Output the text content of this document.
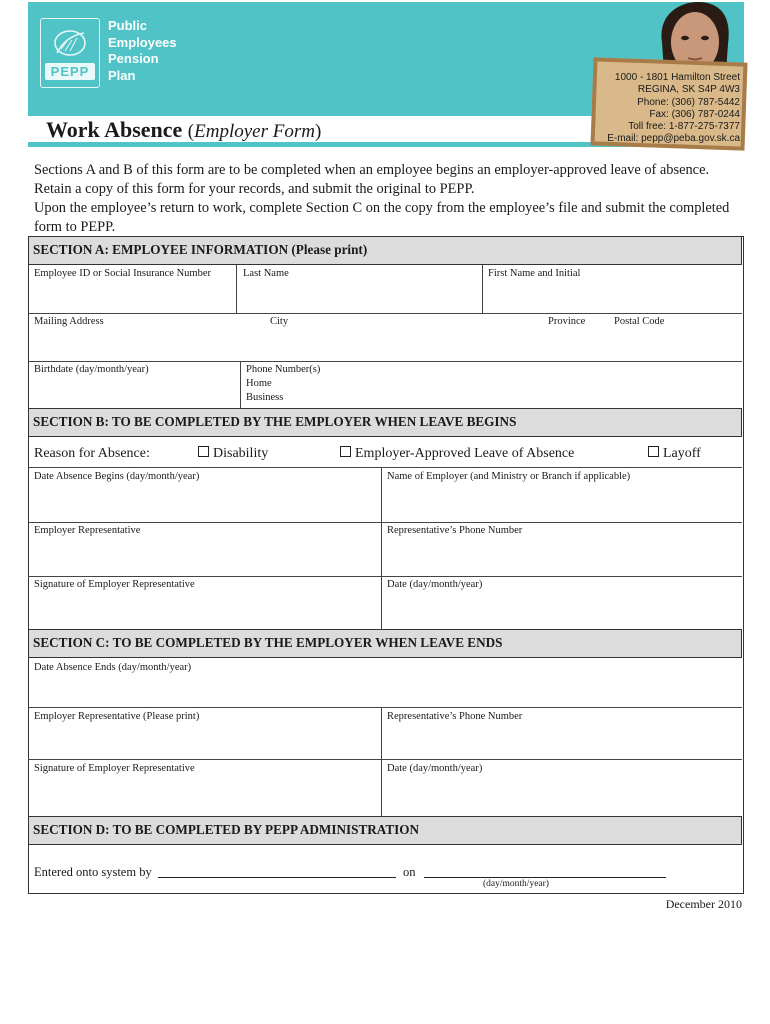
PEPP
Public
Employees
Pension
Plan	1000 - 1801 Hamilton Street
REGINA, SK S4P 4W3
Phone: (306) 787-5442
Fax: (306) 787-0244
Toll free: 1-877-275-7377
E-mail: pepp@peba.gov.sk.ca
Work Absence (Employer Form)

Sections A and B of this form are to be completed when an employee begins an employer-approved leave of absence. Retain a copy of this form for your records, and submit the original to PEPP.

Upon the employee’s return to work, complete Section C on the copy from the employee’s file and submit the completed form to PEPP.

SECTION A: EMPLOYEE INFORMATION (Please print)
Employee ID or Social Insurance Number	Last Name	First Name and Initial
Mailing Address	City	Province	Postal Code
Birthdate (day/month/year)	Phone Number(s)
Home
Business
SECTION B: TO BE COMPLETED BY THE EMPLOYER WHEN LEAVE BEGINS
Reason for Absence:	Disability	Employer-Approved Leave of Absence	Layoff
Date Absence Begins (day/month/year)	Name of Employer (and Ministry or Branch if applicable)
Employer Representative	Representative’s Phone Number
Signature of Employer Representative	Date (day/month/year)
SECTION C: TO BE COMPLETED BY THE EMPLOYER WHEN LEAVE ENDS
Date Absence Ends (day/month/year)
Employer Representative (Please print)	Representative’s Phone Number
Signature of Employer Representative	Date (day/month/year)
SECTION D: TO BE COMPLETED BY PEPP ADMINISTRATION
Entered onto system by	on
(day/month/year)
December 2010
